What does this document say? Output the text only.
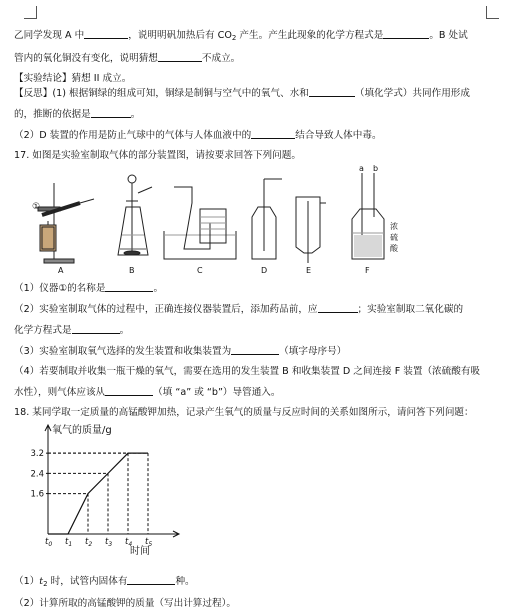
乙同学发现 A 中	，说明明矾加热后有 $CO_2$ 产生。产生此现象的化学方程式是	。B 处试

管内的氧化铜没有变化，说明猜想	不成立。

【实验结论】猜想 II 成立。

【反思】(1) 根据铜绿的组成可知，铜绿是制铜与空气中的氧气、水和	（填化学式）共同作用形成

的，推断的依据是	。

（2）D 装置的作用是防止气球中的气体与人体血液中的	结合导致人体中毒。

17. 如图是实验室制取气体的部分装置图，请按要求回答下列问题。

①
a b
浓
硫
酸
A	B	C	D	E	F

（1）仪器①的名称是	。

（2）实验室制取气体的过程中，正确连接仪器装置后，添加药品前，应	；实验室制取二氧化碳的

化学方程式是	。

（3）实验室制取氧气选择的发生装置和收集装置为	（填字母序号）

（4）若要制取并收集一瓶干燥的氧气，需要在选用的发生装置 B 和收集装置 D 之间连接 F 装置（浓硫酸有吸

水性），则气体应该从	（填 “a” 或 “b”）导管通入。

18. 某同学取一定质量的高锰酸钾加热，记录产生氧气的质量与反应时间的关系如图所示，请问答下列问题：

氧气的质量/g
时间
1.6
2.4
3.2
$t_0$ $t_1$ $t_2$ $t_3$ $t_4$ $t_5$

$(1)t_2$ 时，试管内固体有	种。

（2）计算所取的高锰酸钾的质量（写出计算过程）。
